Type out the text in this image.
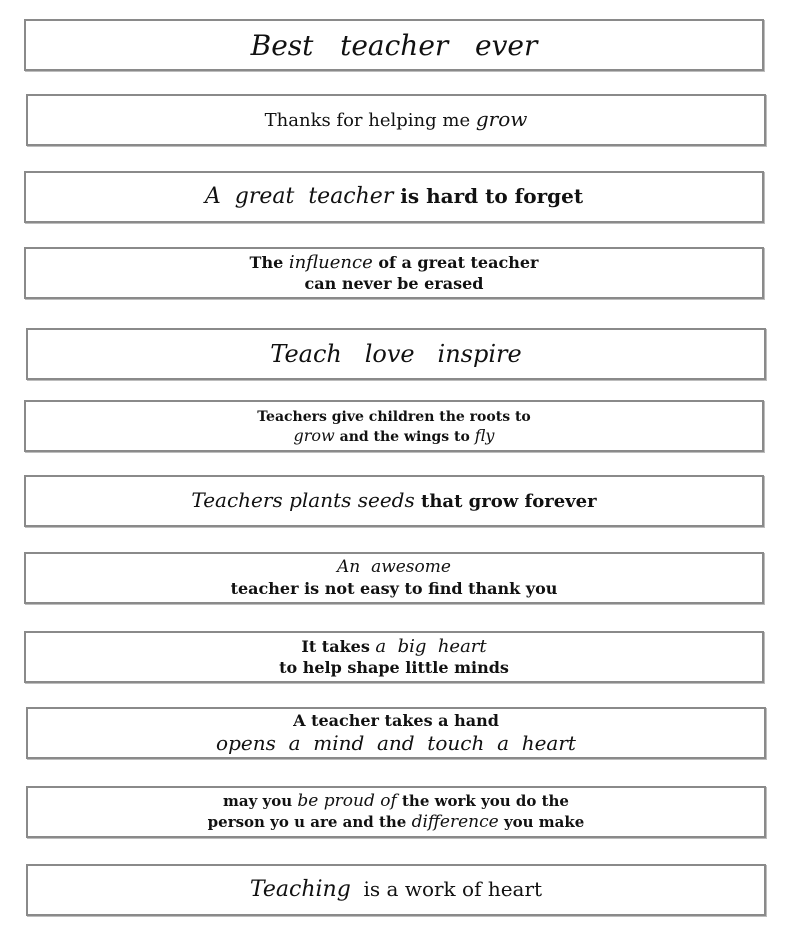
Best   teacher   ever
Thanks for helping me grow
A  great  teacher is hard to forget
The influence of a great teacher
can never be erased
Teach   love   inspire
Teachers give children the roots to
grow and the wings to fly
Teachers plants seeds that grow forever
An  awesome
teacher is not easy to find thank you
It takes a  big  heart
to help shape little minds
A teacher takes a hand
opens  a  mind  and  touch  a  heart
may you be proud of the work you do the
person yo u are and the difference you make
Teaching  is a work of heart
